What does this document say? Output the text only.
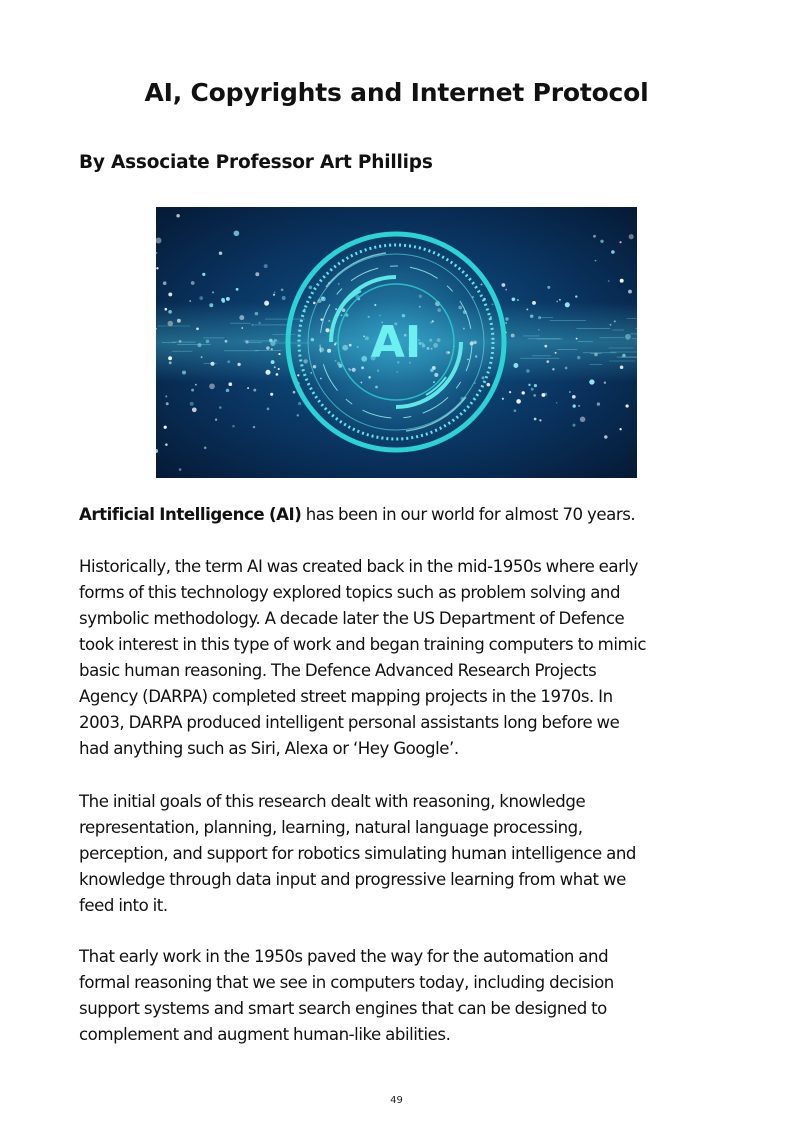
AI, Copyrights and Internet Protocol
By Associate Professor Art Phillips
AI

Artificial Intelligence (AI) has been in our world for almost 70 years.

Historically, the term AI was created back in the mid-1950s where early
forms of this technology explored topics such as problem solving and
symbolic methodology. A decade later the US Department of Defence
took interest in this type of work and began training computers to mimic
basic human reasoning. The Defence Advanced Research Projects
Agency (DARPA) completed street mapping projects in the 1970s. In
2003, DARPA produced intelligent personal assistants long before we
had anything such as Siri, Alexa or ‘Hey Google’.

The initial goals of this research dealt with reasoning, knowledge
representation, planning, learning, natural language processing,
perception, and support for robotics simulating human intelligence and
knowledge through data input and progressive learning from what we
feed into it.

That early work in the 1950s paved the way for the automation and
formal reasoning that we see in computers today, including decision
support systems and smart search engines that can be designed to
complement and augment human-like abilities.

49
